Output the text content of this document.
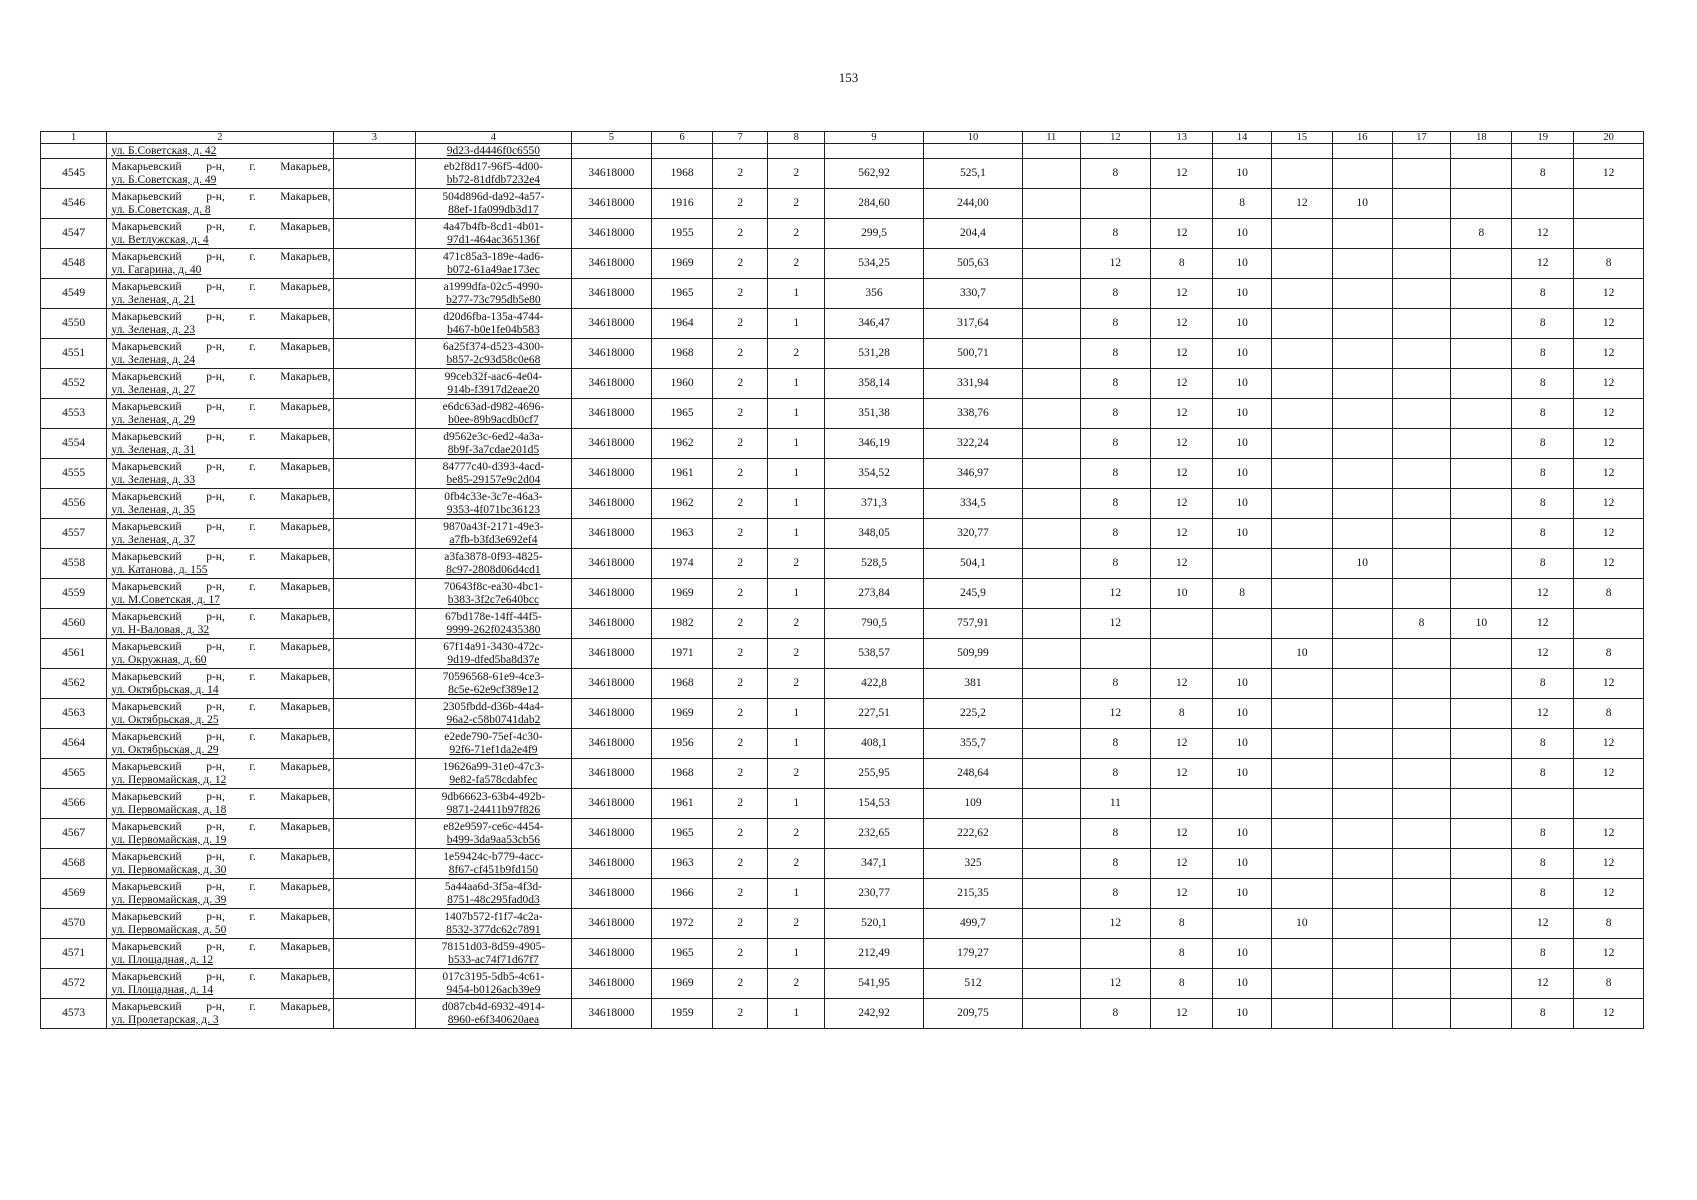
153
1	2	3	4	5	6	7	8	9	10	11	12	13	14	15	16	17	18	19	20

	ул. Б.Советская, д. 42		9d23-d4446f0c6550																

4545	Макарьевский р-н, г. Макарьев,
ул. Б.Советская, д. 49		eb2f8d17-96f5-4d00-
bb72-81dfdb7232e4	34618000	1968	2	2	562,92	525,1		8	12	10					8	12
4546	Макарьевский р-н, г. Макарьев,
ул. Б.Советская, д. 8		504d896d-da92-4a57-
88ef-1fa099db3d17	34618000	1916	2	2	284,60	244,00				8	12	10				
4547	Макарьевский р-н, г. Макарьев,
ул. Ветлужская, д. 4		4a47b4fb-8cd1-4b01-
97d1-464ac365136f	34618000	1955	2	2	299,5	204,4		8	12	10				8	12	
4548	Макарьевский р-н, г. Макарьев,
ул. Гагарина, д. 40		471c85a3-189e-4ad6-
b072-61a49ae173ec	34618000	1969	2	2	534,25	505,63		12	8	10					12	8
4549	Макарьевский р-н, г. Макарьев,
ул. Зеленая, д. 21		a1999dfa-02c5-4990-
b277-73c795db5e80	34618000	1965	2	1	356	330,7		8	12	10					8	12
4550	Макарьевский р-н, г. Макарьев,
ул. Зеленая, д. 23		d20d6fba-135a-4744-
b467-b0e1fe04b583	34618000	1964	2	1	346,47	317,64		8	12	10					8	12
4551	Макарьевский р-н, г. Макарьев,
ул. Зеленая, д. 24		6a25f374-d523-4300-
b857-2c93d58c0e68	34618000	1968	2	2	531,28	500,71		8	12	10					8	12
4552	Макарьевский р-н, г. Макарьев,
ул. Зеленая, д. 27		99ceb32f-aac6-4e04-
914b-f3917d2eae20	34618000	1960	2	1	358,14	331,94		8	12	10					8	12
4553	Макарьевский р-н, г. Макарьев,
ул. Зеленая, д. 29		e6dc63ad-d982-4696-
b0ee-89b9acdb0cf7	34618000	1965	2	1	351,38	338,76		8	12	10					8	12
4554	Макарьевский р-н, г. Макарьев,
ул. Зеленая, д. 31		d9562e3c-6ed2-4a3a-
8b9f-3a7cdae201d5	34618000	1962	2	1	346,19	322,24		8	12	10					8	12
4555	Макарьевский р-н, г. Макарьев,
ул. Зеленая, д. 33		84777c40-d393-4acd-
be85-29157e9c2d04	34618000	1961	2	1	354,52	346,97		8	12	10					8	12
4556	Макарьевский р-н, г. Макарьев,
ул. Зеленая, д. 35		0fb4c33e-3c7e-46a3-
9353-4f071bc36123	34618000	1962	2	1	371,3	334,5		8	12	10					8	12
4557	Макарьевский р-н, г. Макарьев,
ул. Зеленая, д. 37		9870a43f-2171-49e3-
a7fb-b3fd3e692ef4	34618000	1963	2	1	348,05	320,77		8	12	10					8	12
4558	Макарьевский р-н, г. Макарьев,
ул. Катанова, д. 155		a3fa3878-0f93-4825-
8c97-2808d06d4cd1	34618000	1974	2	2	528,5	504,1		8	12			10			8	12
4559	Макарьевский р-н, г. Макарьев,
ул. М.Советская, д. 17		70643f8c-ea30-4bc1-
b383-3f2c7e640bcc	34618000	1969	2	1	273,84	245,9		12	10	8					12	8
4560	Макарьевский р-н, г. Макарьев,
ул. Н-Валовая, д. 32		67bd178e-14ff-44f5-
9999-262f02435380	34618000	1982	2	2	790,5	757,91		12					8	10	12	
4561	Макарьевский р-н, г. Макарьев,
ул. Окружная, д. 60		67f14a91-3430-472c-
9d19-dfed5ba8d37e	34618000	1971	2	2	538,57	509,99					10				12	8
4562	Макарьевский р-н, г. Макарьев,
ул. Октябрьская, д. 14		70596568-61e9-4ce3-
8c5e-62e9cf389e12	34618000	1968	2	2	422,8	381		8	12	10					8	12
4563	Макарьевский р-н, г. Макарьев,
ул. Октябрьская, д. 25		2305fbdd-d36b-44a4-
96a2-c58b0741dab2	34618000	1969	2	1	227,51	225,2		12	8	10					12	8
4564	Макарьевский р-н, г. Макарьев,
ул. Октябрьская, д. 29		e2ede790-75ef-4c30-
92f6-71ef1da2e4f9	34618000	1956	2	1	408,1	355,7		8	12	10					8	12
4565	Макарьевский р-н, г. Макарьев,
ул. Первомайская, д. 12		19626a99-31e0-47c3-
9e82-fa578cdabfec	34618000	1968	2	2	255,95	248,64		8	12	10					8	12
4566	Макарьевский р-н, г. Макарьев,
ул. Первомайская, д. 18		9db66623-63b4-492b-
9871-24411b97f826	34618000	1961	2	1	154,53	109		11								
4567	Макарьевский р-н, г. Макарьев,
ул. Первомайская, д. 19		e82e9597-ce6c-4454-
b499-3da9aa53cb56	34618000	1965	2	2	232,65	222,62		8	12	10					8	12
4568	Макарьевский р-н, г. Макарьев,
ул. Первомайская, д. 30		1e59424c-b779-4acc-
8f67-cf451b9fd150	34618000	1963	2	2	347,1	325		8	12	10					8	12
4569	Макарьевский р-н, г. Макарьев,
ул. Первомайская, д. 39		5a44aa6d-3f5a-4f3d-
8751-48c295fad0d3	34618000	1966	2	1	230,77	215,35		8	12	10					8	12
4570	Макарьевский р-н, г. Макарьев,
ул. Первомайская, д. 50		1407b572-f1f7-4c2a-
8532-377dc62c7891	34618000	1972	2	2	520,1	499,7		12	8		10				12	8
4571	Макарьевский р-н, г. Макарьев,
ул. Площадная, д. 12		78151d03-8d59-4905-
b533-ac74f71d67f7	34618000	1965	2	1	212,49	179,27			8	10					8	12
4572	Макарьевский р-н, г. Макарьев,
ул. Площадная, д. 14		017c3195-5db5-4c61-
9454-b0126acb39e9	34618000	1969	2	2	541,95	512		12	8	10					12	8
4573	Макарьевский р-н, г. Макарьев,
ул. Пролетарская, д. 3		d087cb4d-6932-4914-
8960-e6f340620aea	34618000	1959	2	1	242,92	209,75		8	12	10					8	12
